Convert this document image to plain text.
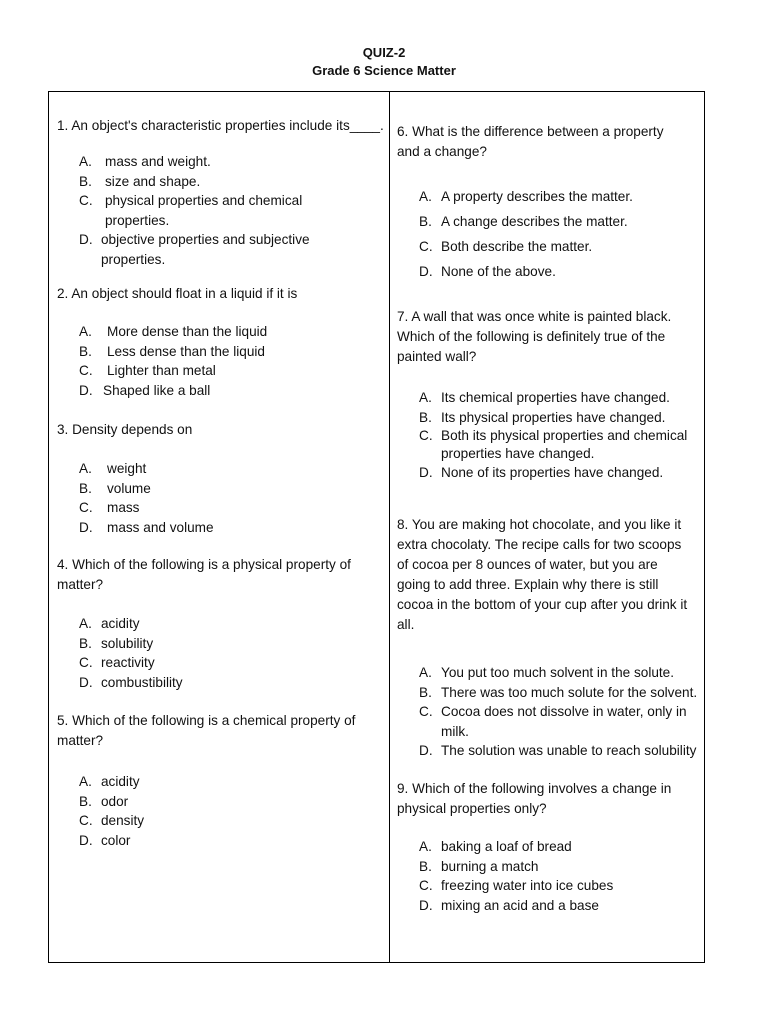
QUIZ-2
Grade 6 Science Matter

1. An object's characteristic properties include its____.

A. mass and weight.
B. size and shape.
C. physical properties and chemical properties.
D. objective properties and subjective properties.

2. An object should float in a liquid if it is

A.	More dense than the liquid
B.	Less dense than the liquid
C.	Lighter than metal
D. Shaped like a ball

3. Density depends on

A.	weight
B.	volume
C.	mass
D.	mass and volume

4. Which of the following is a physical property of matter?

A. acidity
B. solubility
C. reactivity
D. combustibility

5. Which of the following is a chemical property of matter?

A. acidity
B. odor
C. density
D. color

6. What is the difference between a property and a change?

A. A property describes the matter.
B. A change describes the matter.
C. Both describe the matter.
D. None of the above.

7. A wall that was once white is painted black. Which of the following is definitely true of the painted wall?

A. Its chemical properties have changed.
B. Its physical properties have changed.
C. Both its physical properties and chemical properties have changed.
D. None of its properties have changed.

8. You are making hot chocolate, and you like it extra chocolaty. The recipe calls for two scoops of cocoa per 8 ounces of water, but you are going to add three. Explain why there is still cocoa in the bottom of your cup after you drink it all.

A. You put too much solvent in the solute.
B. There was too much solute for the solvent.
C. Cocoa does not dissolve in water, only in milk.
D. The solution was unable to reach solubility

9. Which of the following involves a change in physical properties only?

A. baking a loaf of bread
B. burning a match
C. freezing water into ice cubes
D. mixing an acid and a base
